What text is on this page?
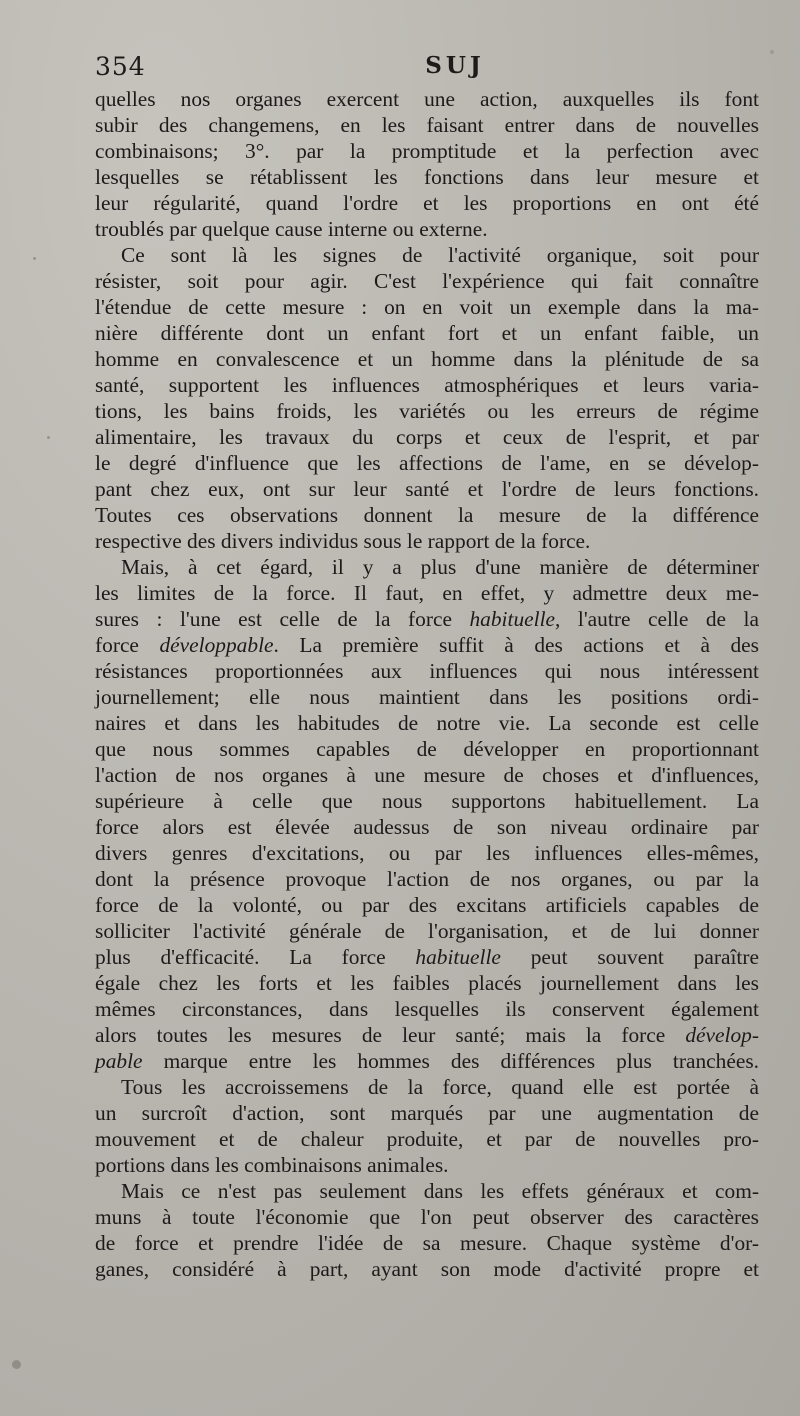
354	SUJ
quelles nos organes exercent une action, auxquelles ils font
subir des changemens, en les faisant entrer dans de nouvelles
combinaisons; 3°. par la promptitude et la perfection avec
lesquelles se rétablissent les fonctions dans leur mesure et
leur régularité, quand l'ordre et les proportions en ont été
troublés par quelque cause interne ou externe.
Ce sont là les signes de l'activité organique, soit pour
résister, soit pour agir. C'est l'expérience qui fait connaître
l'étendue de cette mesure : on en voit un exemple dans la ma-
nière différente dont un enfant fort et un enfant faible, un
homme en convalescence et un homme dans la plénitude de sa
santé, supportent les influences atmosphériques et leurs varia-
tions, les bains froids, les variétés ou les erreurs de régime
alimentaire, les travaux du corps et ceux de l'esprit, et par
le degré d'influence que les affections de l'ame, en se dévelop-
pant chez eux, ont sur leur santé et l'ordre de leurs fonctions.
Toutes ces observations donnent la mesure de la différence
respective des divers individus sous le rapport de la force.
Mais, à cet égard, il y a plus d'une manière de déterminer
les limites de la force. Il faut, en effet, y admettre deux me-
sures : l'une est celle de la force habituelle, l'autre celle de la
force développable. La première suffit à des actions et à des
résistances proportionnées aux influences qui nous intéressent
journellement; elle nous maintient dans les positions ordi-
naires et dans les habitudes de notre vie. La seconde est celle
que nous sommes capables de développer en proportionnant
l'action de nos organes à une mesure de choses et d'influences,
supérieure à celle que nous supportons habituellement. La
force alors est élevée audessus de son niveau ordinaire par
divers genres d'excitations, ou par les influences elles-mêmes,
dont la présence provoque l'action de nos organes, ou par la
force de la volonté, ou par des excitans artificiels capables de
solliciter l'activité générale de l'organisation, et de lui donner
plus d'efficacité. La force habituelle peut souvent paraître
égale chez les forts et les faibles placés journellement dans les
mêmes circonstances, dans lesquelles ils conservent également
alors toutes les mesures de leur santé; mais la force dévelop-
pable marque entre les hommes des différences plus tranchées.
Tous les accroissemens de la force, quand elle est portée à
un surcroît d'action, sont marqués par une augmentation de
mouvement et de chaleur produite, et par de nouvelles pro-
portions dans les combinaisons animales.
Mais ce n'est pas seulement dans les effets généraux et com-
muns à toute l'économie que l'on peut observer des caractères
de force et prendre l'idée de sa mesure. Chaque système d'or-
ganes, considéré à part, ayant son mode d'activité propre et
